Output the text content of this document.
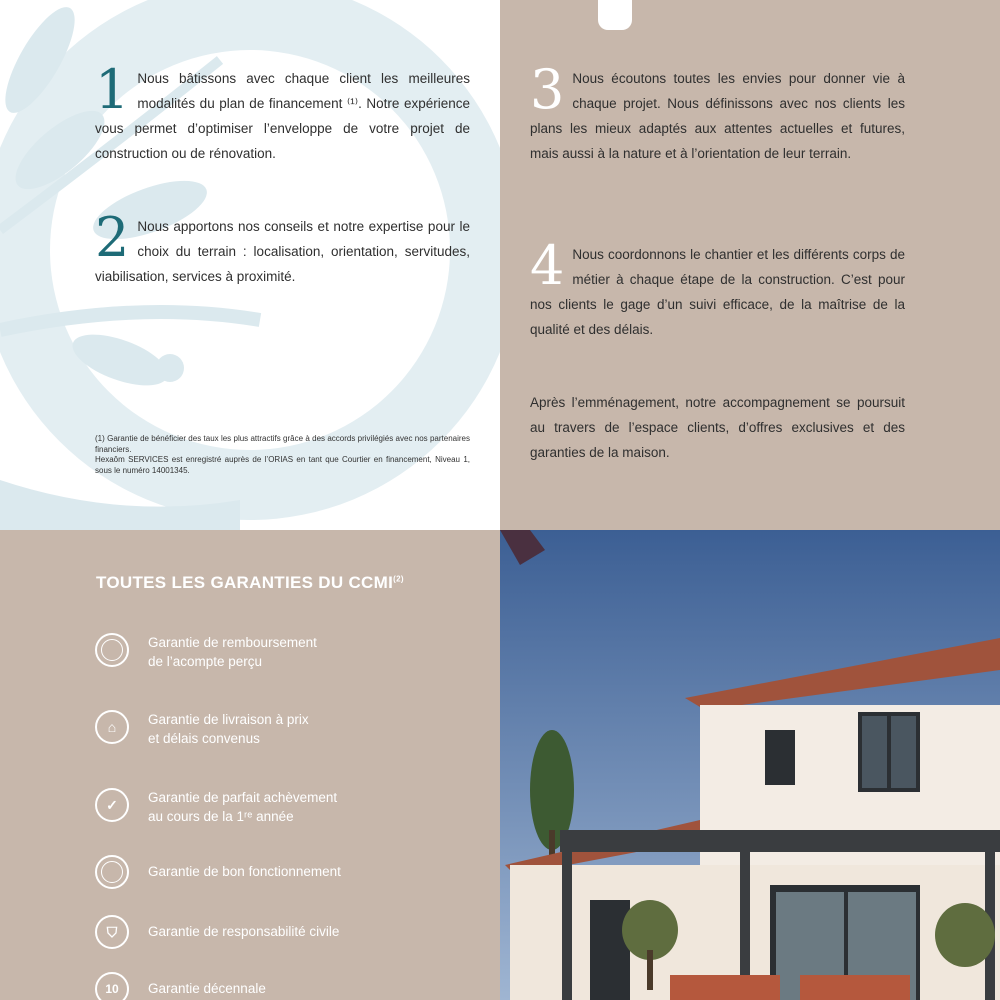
1 Nous bâtissons avec chaque client les meilleures modalités du plan de financement ⁽¹⁾. Notre expérience vous permet d’optimiser l’enveloppe de votre projet de construction ou de rénovation.
2 Nous apportons nos conseils et notre expertise pour le choix du terrain : localisation, orientation, servitudes, viabilisation, services à proximité.

(1) Garantie de bénéficier des taux les plus attractifs grâce à des accords privilégiés avec nos partenaires financiers.

Hexaôm SERVICES est enregistré auprès de l’ORIAS en tant que Courtier en financement, Niveau 1, sous le numéro 14001345.

3 Nous écoutons toutes les envies pour donner vie à chaque projet. Nous définissons avec nos clients les plans les mieux adaptés aux attentes actuelles et futures, mais aussi à la nature et à l’orientation de leur terrain.
4 Nous coordonnons le chantier et les différents corps de métier à chaque étape de la construction. C’est pour nos clients le gage d’un suivi efficace, de la maîtrise de la qualité et des délais.
Après l’emménagement, notre accompagnement se poursuit au travers de l’espace clients, d’offres exclusives et des garanties de la maison.
TOUTES LES GARANTIES DU CCMI$^{(2)}$
Garantie de remboursement
de l’acompte perçu
⌂	Garantie de livraison à prix
et délais convenus
✓	Garantie de parfait achèvement
au cours de la 1ʳᵉ année
Garantie de bon fonctionnement
⛉	Garantie de responsabilité civile
10	Garantie décennale
